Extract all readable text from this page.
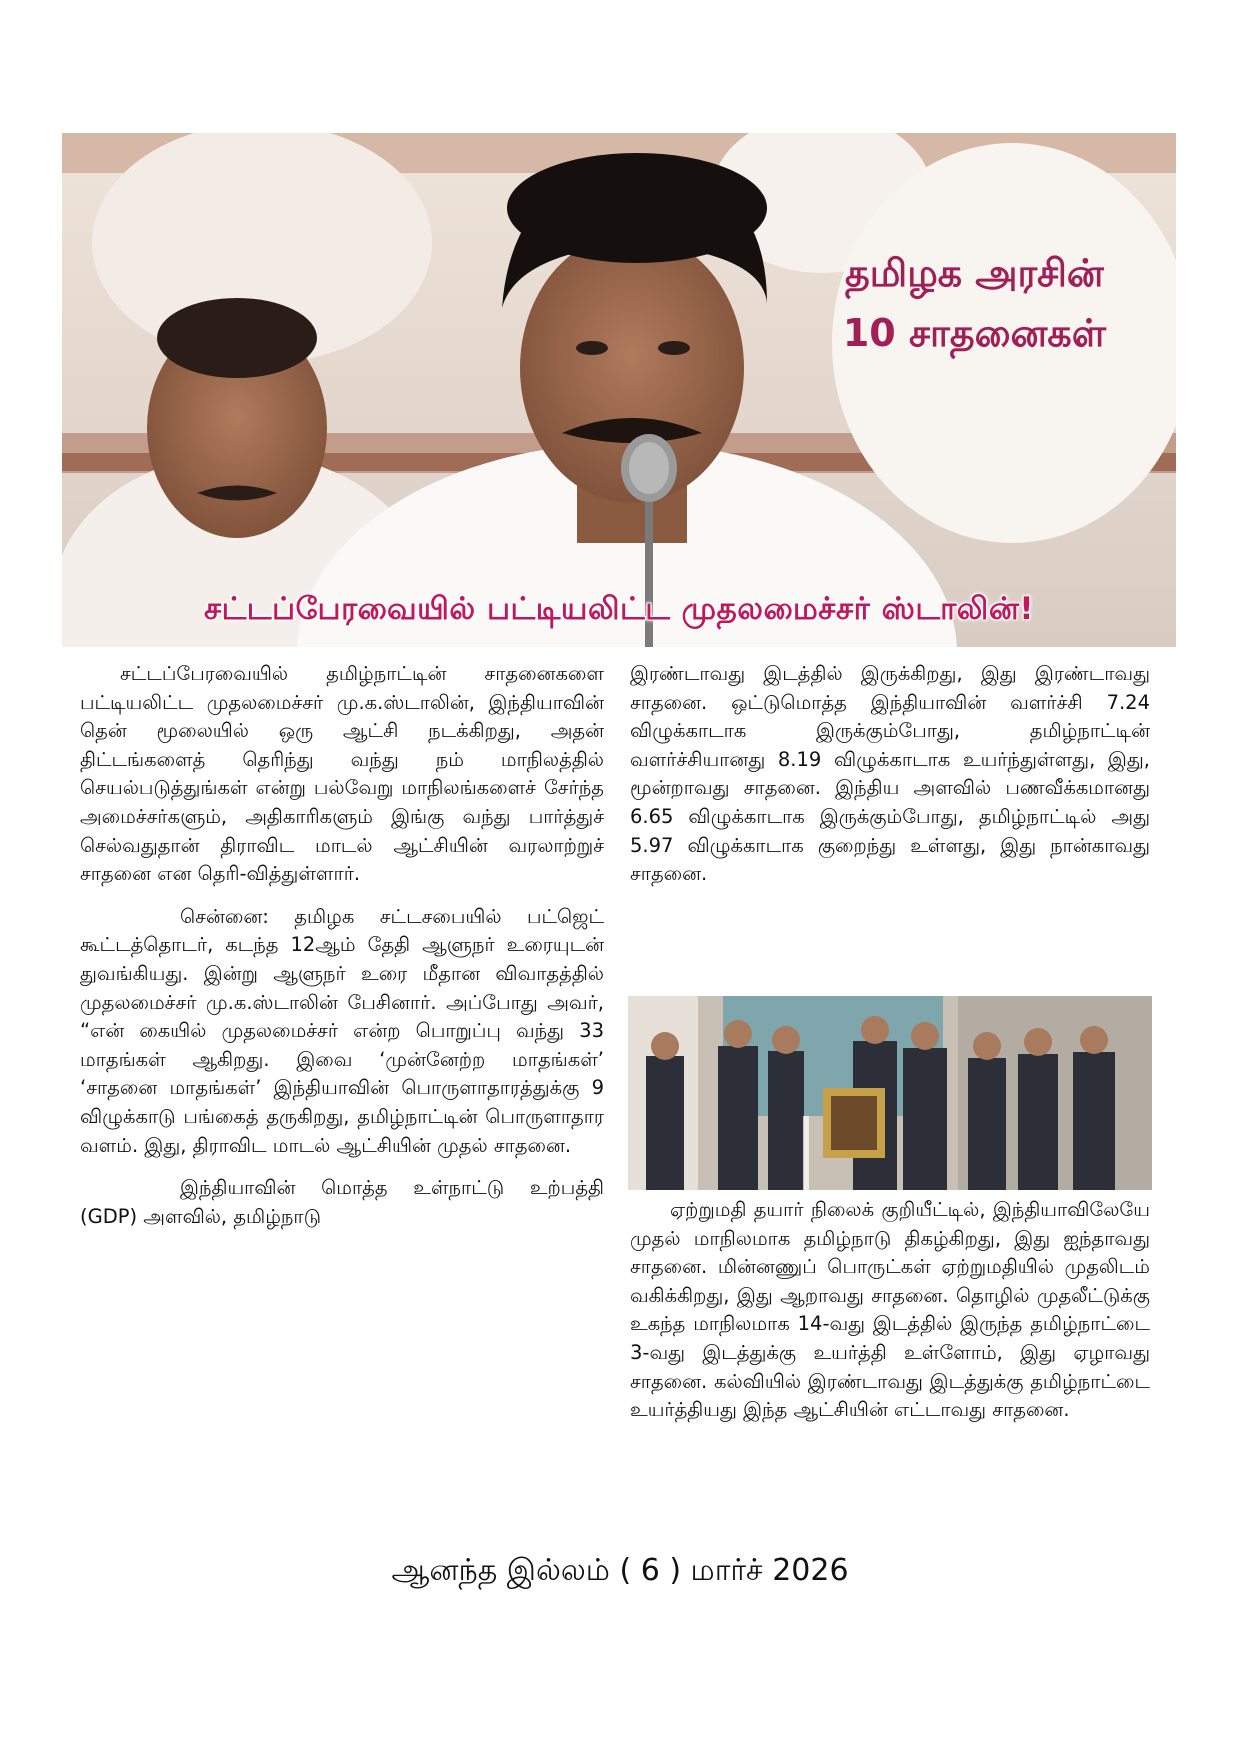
தமிழக அரசின்
10 சாதனைகள்
சட்டப்பேரவையில் பட்டியலிட்ட முதலமைச்சர் ஸ்டாலின்!

சட்டப்பேரவையில் தமிழ்நாட்டின் சாதனைகளை பட்டியலிட்ட முதலமைச்சர் மு.க.ஸ்டாலின், இந்தியாவின் தென் மூலையில் ஒரு ஆட்சி நடக்கிறது, அதன் திட்டங்களைத் தெரிந்து வந்து நம் மாநிலத்தில் செயல்படுத்துங்கள் என்று பல்வேறு மாநிலங்களைச் சேர்ந்த அமைச்சர்களும், அதிகாரிகளும் இங்கு வந்து பார்த்துச் செல்வதுதான் திராவிட மாடல் ஆட்சியின் வரலாற்றுச் சாதனை என தெரி-வித்துள்ளார்.

சென்னை: தமிழக சட்டசபையில் பட்ஜெட் கூட்டத்தொடர், கடந்த 12ஆம் தேதி ஆளுநர் உரையுடன் துவங்கியது. இன்று ஆளுநர் உரை மீதான விவாதத்தில் முதலமைச்சர் மு.க.ஸ்டாலின் பேசினார். அப்போது அவர், “என் கையில் முதலமைச்சர் என்ற பொறுப்பு வந்து 33 மாதங்கள் ஆகிறது. இவை ‘முன்னேற்ற மாதங்கள்’ ‘சாதனை மாதங்கள்’ இந்தியாவின் பொருளாதாரத்துக்கு 9 விழுக்காடு பங்கைத் தருகிறது, தமிழ்நாட்டின் பொருளாதார வளம். இது, திராவிட மாடல் ஆட்சியின் முதல் சாதனை.

இந்தியாவின் மொத்த உள்நாட்டு உற்பத்தி (GDP) அளவில், தமிழ்நாடு

இரண்டாவது இடத்தில் இருக்கிறது, இது இரண்டாவது சாதனை. ஒட்டுமொத்த இந்தியாவின் வளர்ச்சி 7.24 விழுக்காடாக இருக்கும்போது, தமிழ்நாட்டின் வளர்ச்சியானது 8.19 விழுக்காடாக உயர்ந்துள்ளது, இது, மூன்றாவது சாதனை. இந்திய அளவில் பணவீக்கமானது 6.65 விழுக்காடாக இருக்கும்போது, தமிழ்நாட்டில் அது 5.97 விழுக்காடாக குறைந்து உள்ளது, இது நான்காவது சாதனை.

ஏற்றுமதி தயார் நிலைக் குறியீட்டில், இந்தியாவிலேயே முதல் மாநிலமாக தமிழ்நாடு திகழ்கிறது, இது ஐந்தாவது சாதனை. மின்னணுப் பொருட்கள் ஏற்றுமதியில் முதலிடம் வகிக்கிறது, இது ஆறாவது சாதனை. தொழில் முதலீட்டுக்கு உகந்த மாநிலமாக 14-வது இடத்தில் இருந்த தமிழ்நாட்டை 3-வது இடத்துக்கு உயர்த்தி உள்ளோம், இது ஏழாவது சாதனை. கல்வியில் இரண்டாவது இடத்துக்கு தமிழ்நாட்டை உயர்த்தியது இந்த ஆட்சியின் எட்டாவது சாதனை.

ஆனந்த இல்லம் ( 6 ) மார்ச் 2026
